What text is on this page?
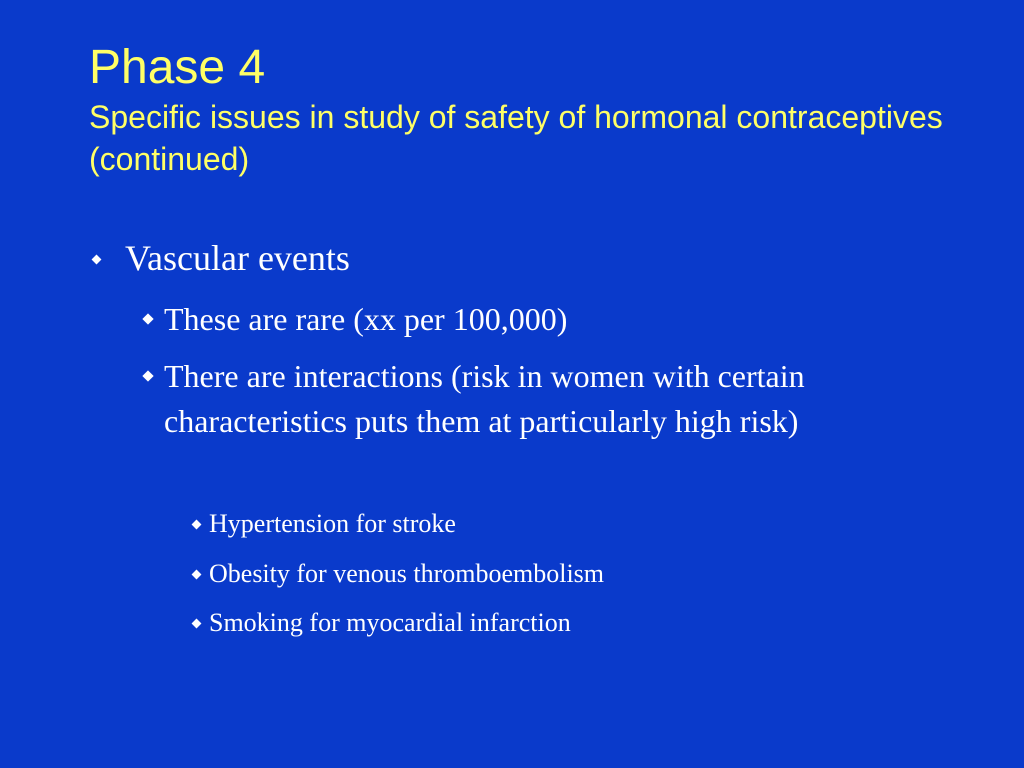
Phase 4

Specific issues in study of safety of hormonal contraceptives (continued)

Vascular events
These are rare (xx per 100,000)
There are interactions (risk in women with certain characteristics puts them at particularly high risk)
Hypertension for stroke
Obesity for venous thromboembolism
Smoking for myocardial infarction
